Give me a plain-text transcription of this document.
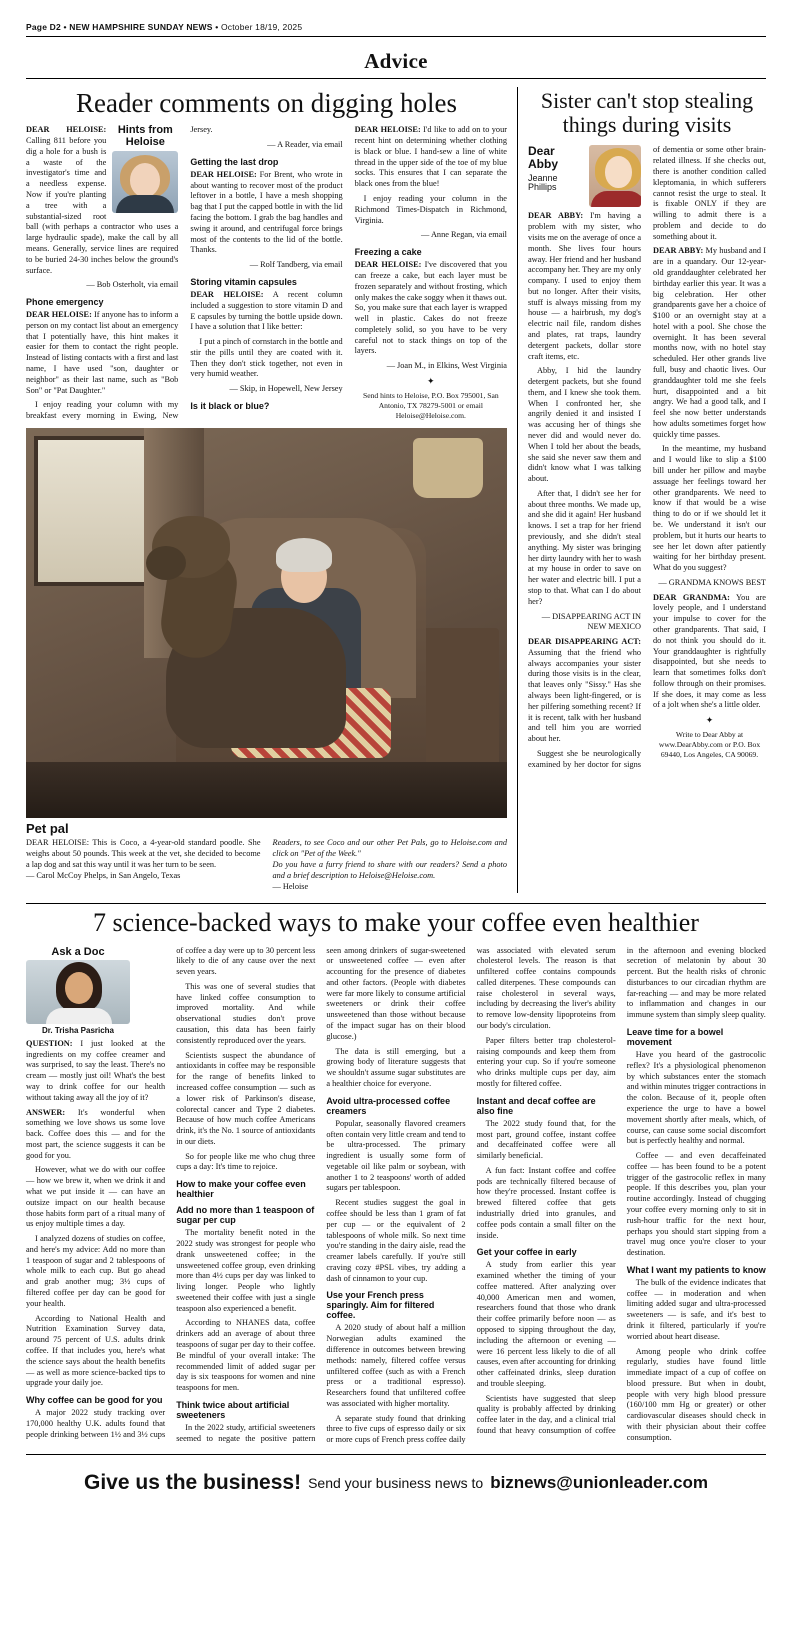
Page D2 • NEW HAMPSHIRE SUNDAY NEWS • October 18/19, 2025
Advice
Reader comments on digging holes
Hints from Heloise

DEAR HELOISE: Calling 811 before you dig a hole for a bush is a waste of the investigator's time and a needless expense. Now if you're planting a tree with a substantial-sized root ball (with perhaps a contractor who uses a large hydraulic spade), make the call by all means. Generally, service lines are required to be buried 24-30 inches below the ground's surface.

— Bob Osterholt, via email

Phone emergency

DEAR HELOISE: If anyone has to inform a person on my contact list about an emergency that I potentially have, this hint makes it easier for them to contact the right people. Instead of listing contacts with a first and last name, I have used "son, daughter or neighbor" as their last name, such as "Bob Son" or "Pat Daughter."

I enjoy reading your column with my breakfast every morning in Ewing, New Jersey.

— A Reader, via email

Getting the last drop

DEAR HELOISE: For Brent, who wrote in about wanting to recover most of the product leftover in a bottle, I have a mesh shopping bag that I put the capped bottle in with the lid facing the bottom. I grab the bag handles and swing it around, and centrifugal force brings most of the contents to the lid of the bottle. Thanks.

— Rolf Tandberg, via email

Storing vitamin capsules

DEAR HELOISE: A recent column included a suggestion to store vitamin D and E capsules by turning the bottle upside down. I have a solution that I like better:

I put a pinch of cornstarch in the bottle and stir the pills until they are coated with it. Then they don't stick together, not even in very humid weather.

— Skip, in Hopewell, New Jersey

Is it black or blue?

DEAR HELOISE: I'd like to add on to your recent hint on determining whether clothing is black or blue. I hand-sew a line of white thread in the upper side of the toe of my blue socks. This ensures that I can separate the black ones from the blue!

I enjoy reading your column in the Richmond Times-Dispatch in Richmond, Virginia.

— Anne Regan, via email

Freezing a cake

DEAR HELOISE: I've discovered that you can freeze a cake, but each layer must be frozen separately and without frosting, which only makes the cake soggy when it thaws out. So, you make sure that each layer is wrapped well in plastic. Cakes do not freeze completely solid, so you have to be very careful not to stack things on top of the layers.

— Joan M., in Elkins, West Virginia

✦

Send hints to Heloise, P.O. Box 795001, San Antonio, TX 78279-5001 or email Heloise@Heloise.com.

Pet pal

DEAR HELOISE: This is Coco, a 4-year-old standard poodle. She weighs about 50 pounds. This week at the vet, she decided to become a lap dog and sat this way until it was her turn to be seen.

— Carol McCoy Phelps, in San Angelo, Texas

Readers, to see Coco and our other Pet Pals, go to Heloise.com and click on "Pet of the Week."

Do you have a furry friend to share with our readers? Send a photo and a brief description to Heloise@Heloise.com.

— Heloise

Sister can't stop stealing things during visits
Dear Abby
Jeanne Phillips

DEAR ABBY: I'm having a problem with my sister, who visits me on the average of once a month. She lives four hours away. Her friend and her husband accompany her. They are my only company. I used to enjoy them but no longer. After their visits, stuff is always missing from my house — a hairbrush, my dog's electric nail file, random dishes and plates, rat traps, laundry detergent packets, dollar store craft items, etc.

Abby, I hid the laundry detergent packets, but she found them, and I knew she took them. When I confronted her, she angrily denied it and insisted I was accusing her of things she never did and would never do. When I told her about the beads, she said she never saw them and didn't know what I was talking about.

After that, I didn't see her for about three months. We made up, and she did it again! Her husband knows. I set a trap for her friend previously, and she didn't steal anything. My sister was bringing her dirty laundry with her to wash at my house in order to save on her water and electric bill. I put a stop to that. What can I do about her?

— DISAPPEARING ACT IN NEW MEXICO

DEAR DISAPPEARING ACT: Assuming that the friend who always accompanies your sister during those visits is in the clear, that leaves only "Sissy." Has she always been light-fingered, or is her pilfering something recent? If it is recent, talk with her husband and tell him you are worried about her.

Suggest she be neurologically examined by her doctor for signs of dementia or some other brain-related illness. If she checks out, there is another condition called kleptomania, in which sufferers cannot resist the urge to steal. It is fixable ONLY if they are willing to admit there is a problem and decide to do something about it.

DEAR ABBY: My husband and I are in a quandary. Our 12-year-old granddaughter celebrated her birthday earlier this year. It was a big celebration. Her other grandparents gave her a choice of $100 or an overnight stay at a hotel with a pool. She chose the overnight. It has been several months now, with no hotel stay scheduled. Her other grands live full, busy and chaotic lives. Our granddaughter told me she feels hurt, disappointed and a bit angry. We had a good talk, and I feel she now better understands how adults sometimes forget how quickly time passes.

In the meantime, my husband and I would like to slip a $100 bill under her pillow and maybe assuage her feelings toward her other grandparents. We need to know if that would be a wise thing to do or if we should let it be. We understand it isn't our problem, but it hurts our hearts to see her let down after patiently waiting for her birthday present. What do you suggest?

— GRANDMA KNOWS BEST

DEAR GRANDMA: You are lovely people, and I understand your impulse to cover for the other grandparents. That said, I do not think you should do it. Your granddaughter is rightfully disappointed, but she needs to learn that sometimes folks don't follow through on their promises. If she does, it may come as less of a jolt when she's a little older.

✦

Write to Dear Abby at www.DearAbby.com or P.O. Box 69440, Los Angeles, CA 90069.

7 science-backed ways to make your coffee even healthier
Ask a Doc
Dr. Trisha Pasricha

QUESTION: I just looked at the ingredients on my coffee creamer and was surprised, to say the least. There's no cream — mostly just oil! What's the best way to drink coffee for our health without taking away all the joy of it?

ANSWER: It's wonderful when something we love shows us some love back. Coffee does this — and for the most part, the science suggests it can be good for you.

However, what we do with our coffee — how we brew it, when we drink it and what we put inside it — can have an outsize impact on our health because those habits form part of a ritual many of us enjoy multiple times a day.

I analyzed dozens of studies on coffee, and here's my advice: Add no more than 1 teaspoon of sugar and 2 tablespoons of whole milk to each cup. But go ahead and grab another mug; 3½ cups of filtered coffee per day can be good for your health.

According to National Health and Nutrition Examination Survey data, around 75 percent of U.S. adults drink coffee. If that includes you, here's what the science says about the health benefits — as well as more science-backed tips to upgrade your daily joe.

Why coffee can be good for you

A major 2022 study tracking over 170,000 healthy U.K. adults found that people drinking between 1½ and 3½ cups of coffee a day were up to 30 percent less likely to die of any cause over the next seven years.

This was one of several studies that have linked coffee consumption to improved mortality. And while observational studies don't prove causation, this data has been fairly consistently reproduced over the years.

Scientists suspect the abundance of antioxidants in coffee may be responsible for the range of benefits linked to increased coffee consumption — such as a lower risk of Parkinson's disease, colorectal cancer and Type 2 diabetes. Because of how much coffee Americans drink, it's the No. 1 source of antioxidants in our diets.

So for people like me who chug three cups a day: It's time to rejoice.

How to make your coffee even healthier
Add no more than 1 teaspoon of sugar per cup

The mortality benefit noted in the 2022 study was strongest for people who drank unsweetened coffee; in the unsweetened coffee group, even drinking more than 4½ cups per day was linked to living longer. People who lightly sweetened their coffee with just a single teaspoon also experienced a benefit.

According to NHANES data, coffee drinkers add an average of about three teaspoons of sugar per day to their coffee. Be mindful of your overall intake: The recommended limit of added sugar per day is six teaspoons for women and nine teaspoons for men.

Think twice about artificial sweeteners

In the 2022 study, artificial sweeteners seemed to negate the positive pattern seen among drinkers of sugar-sweetened or unsweetened coffee — even after accounting for the presence of diabetes and other factors. (People with diabetes were far more likely to consume artificial sweeteners or drink their coffee unsweetened than those without because of the impact sugar has on their blood glucose.)

The data is still emerging, but a growing body of literature suggests that we shouldn't assume sugar substitutes are a healthier choice for everyone.

Avoid ultra-processed coffee creamers

Popular, seasonally flavored creamers often contain very little cream and tend to be ultra-processed. The primary ingredient is usually some form of vegetable oil like palm or soybean, with another 1 to 2 teaspoons' worth of added sugars per tablespoon.

Recent studies suggest the goal in coffee should be less than 1 gram of fat per cup — or the equivalent of 2 tablespoons of whole milk. So next time you're standing in the dairy aisle, read the creamer labels carefully. If you're still craving cozy #PSL vibes, try adding a dash of cinnamon to your cup.

Use your French press sparingly. Aim for filtered coffee.

A 2020 study of about half a million Norwegian adults examined the difference in outcomes between brewing methods: namely, filtered coffee versus unfiltered coffee (such as with a French press or a traditional espresso). Researchers found that unfiltered coffee was associated with higher mortality.

A separate study found that drinking three to five cups of espresso daily or six or more cups of French press coffee daily was associated with elevated serum cholesterol levels. The reason is that unfiltered coffee contains compounds called diterpenes. These compounds can raise cholesterol in several ways, including by decreasing the liver's ability to remove low-density lipoproteins from our body's circulation.

Paper filters better trap cholesterol-raising compounds and keep them from entering your cup. So if you're someone who drinks multiple cups per day, aim mostly for filtered coffee.

Instant and decaf coffee are also fine

The 2022 study found that, for the most part, ground coffee, instant coffee and decaffeinated coffee were all similarly beneficial.

A fun fact: Instant coffee and coffee pods are technically filtered because of how they're processed. Instant coffee is brewed filtered coffee that gets industrially dried into granules, and coffee pods contain a small filter on the inside.

Get your coffee in early

A study from earlier this year examined whether the timing of your coffee mattered. After analyzing over 40,000 American men and women, researchers found that those who drank their coffee primarily before noon — as opposed to sipping throughout the day, including the afternoon or evening — were 16 percent less likely to die of all causes, even after accounting for drinking other caffeinated drinks, sleep duration and trouble sleeping.

Scientists have suggested that sleep quality is probably affected by drinking coffee later in the day, and a clinical trial found that heavy consumption of coffee in the afternoon and evening blocked secretion of melatonin by about 30 percent. But the health risks of chronic disturbances to our circadian rhythm are far-reaching — and may be more related to inflammation and changes in our immune system than simply sleep quality.

Leave time for a bowel movement

Have you heard of the gastrocolic reflex? It's a physiological phenomenon by which substances enter the stomach and within minutes trigger contractions in the colon. Because of it, people often experience the urge to have a bowel movement shortly after meals, which, of course, can cause some social discomfort but is perfectly healthy and normal.

Coffee — and even decaffeinated coffee — has been found to be a potent trigger of the gastrocolic reflex in many people. If this describes you, plan your routine accordingly. Instead of chugging your coffee every morning only to sit in rush-hour traffic for the next hour, perhaps you should start sipping from a travel mug once you're closer to your destination.

What I want my patients to know

The bulk of the evidence indicates that coffee — in moderation and when limiting added sugar and ultra-processed sweeteners — is safe, and it's best to drink it filtered, particularly if you're worried about heart disease.

Among people who drink coffee regularly, studies have found little immediate impact of a cup of coffee on blood pressure. But when in doubt, people with very high blood pressure (160/100 mm Hg or greater) or other cardiovascular diseases should check in with their physician about their coffee consumption.

Give us the business! Send your business news to biznews@unionleader.com
